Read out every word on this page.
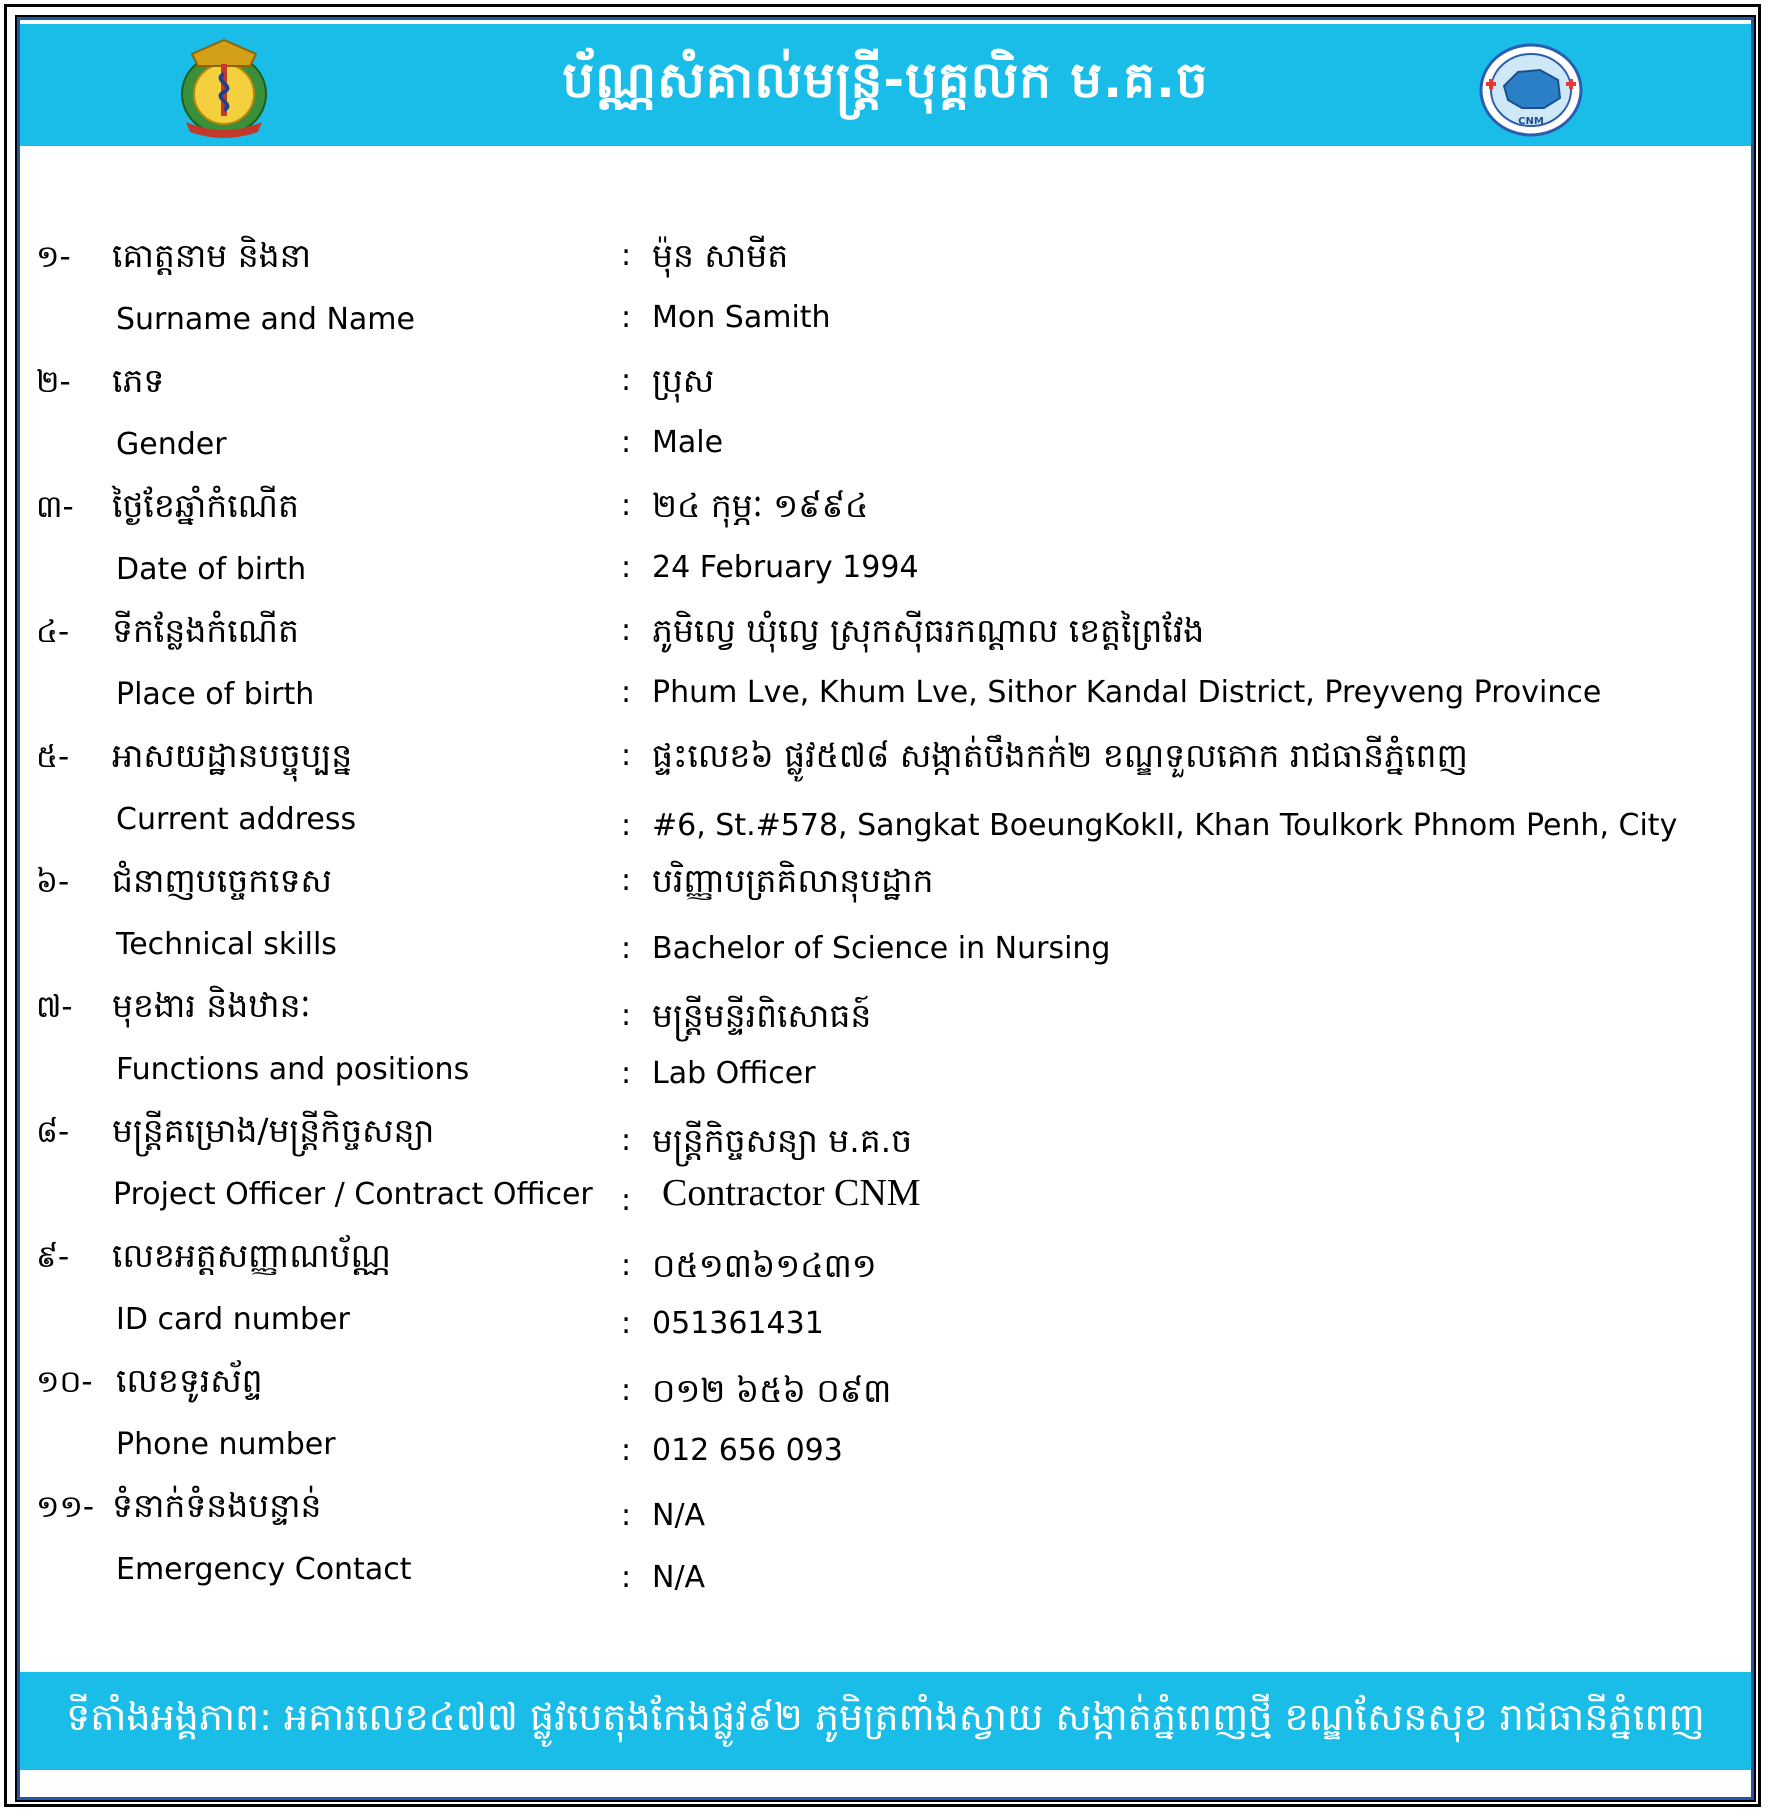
ប័ណ្ណសំគាល់មន្ត្រី-បុគ្គលិក ម.គ.ច
CNM
១- គោត្តនាម និងនា	: ម៉ុន សាមីត
Surname and Name	: Mon Samith
២- ភេទ	: ប្រុស
Gender	: Male
៣- ថ្ងៃខែឆ្នាំកំណើត	: ២៤ កុម្ភៈ ១៩៩៤
Date of birth	: 24 February 1994
៤- ទីកន្លែងកំណើត	: ភូមិល្វេ ឃុំល្វេ ស្រុកស៊ីធរកណ្តាល ខេត្តព្រៃវែង
Place of birth	: Phum Lve, Khum Lve, Sithor Kandal District, Preyveng Province
៥- អាសយដ្ឋានបច្ចុប្បន្ន	: ផ្ទះលេខ៦ ផ្លូវ៥៧៨ សង្កាត់បឹងកក់២ ខណ្ឌទួលគោក រាជធានីភ្នំពេញ
Current address	: #6, St.#578, Sangkat BoeungKokII, Khan Toulkork Phnom Penh, City
៦- ជំនាញបច្ចេកទេស	: បរិញ្ញាបត្រគិលានុបដ្ឋាក
Technical skills	: Bachelor of Science in Nursing
៧- មុខងារ និងឋានៈ	: មន្ត្រីមន្ទីរពិសោធន៍
Functions and positions	: Lab Officer
៨- មន្ត្រីគម្រោង/មន្ត្រីកិច្ចសន្យា	: មន្ត្រីកិច្ចសន្យា ម.គ.ច
Project Officer / Contract Officer : Contractor CNM
៩- លេខអត្តសញ្ញាណប័ណ្ណ	: ០៥១៣៦១៤៣១
ID card number	: 051361431
១០- លេខទូរស័ព្ទ	: ០១២ ៦៥៦ ០៩៣
Phone number	: 012 656 093
១១- ទំនាក់ទំនងបន្ទាន់	: N/A
Emergency Contact	: N/A
ទីតាំងអង្គភាព: អគារលេខ៤៧៧ ផ្លូវបេតុងកែងផ្លូវ៩២ ភូមិត្រពាំងស្វាយ សង្កាត់ភ្នំពេញថ្មី ខណ្ឌសែនសុខ រាជធានីភ្នំពេញ
